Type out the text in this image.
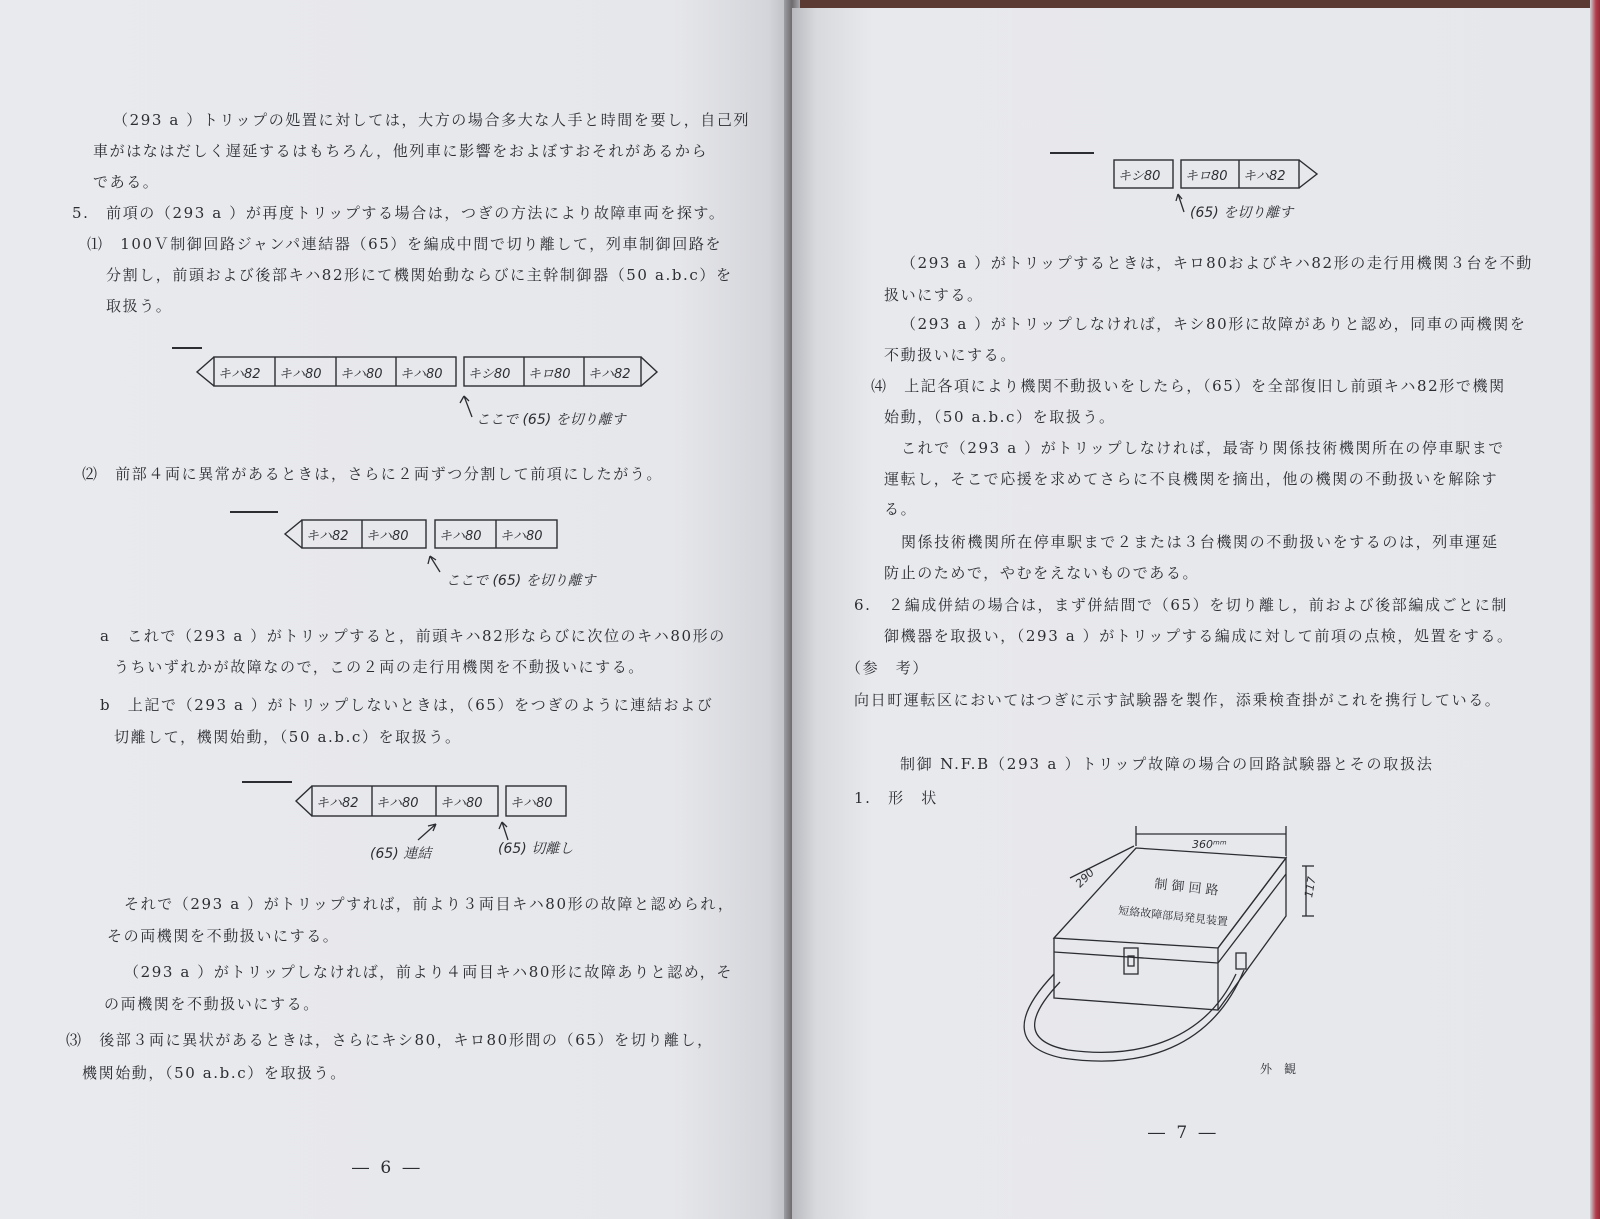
（293 a ）トリップの処置に対しては，大方の場合多大な人手と時間を要し，自己列
車がはなはだしく遅延するはもちろん，他列車に影響をおよぼすおそれがあるから
である。
5.　前項の（293 a ）が再度トリップする場合は，つぎの方法により故障車両を探す。
⑴　100Ｖ制御回路ジャンパ連結器（65）を編成中間で切り離して，列車制御回路を
分割し，前頭および後部キハ82形にて機関始動ならびに主幹制御器（50 a.b.c）を
取扱う。
キハ82 キハ80 キハ80 キハ80 キシ80 キロ80 キハ82
ここで (65) を切り離す
⑵　前部４両に異常があるときは，さらに２両ずつ分割して前項にしたがう。
キハ82 キハ80 キハ80 キハ80
ここで (65) を切り離す
a　これで（293 a ）がトリップすると，前頭キハ82形ならびに次位のキハ80形の
うちいずれかが故障なので，この２両の走行用機関を不動扱いにする。
b　上記で（293 a ）がトリップしないときは，（65）をつぎのように連結および
切離して，機関始動，（50 a.b.c）を取扱う。
キハ82 キハ80 キハ80 キハ80
(65) 連結	(65) 切離し
それで（293 a ）がトリップすれば，前より３両目キハ80形の故障と認められ，
その両機関を不動扱いにする。
（293 a ）がトリップしなければ，前より４両目キハ80形に故障ありと認め，そ
の両機関を不動扱いにする。
⑶　後部３両に異状があるときは，さらにキシ80，キロ80形間の（65）を切り離し，
機関始動，（50 a.b.c）を取扱う。
― 6 ―
キシ80 キロ80 キハ82
(65) を切り離す
（293 a ）がトリップするときは，キロ80およびキハ82形の走行用機関３台を不動
扱いにする。
（293 a ）がトリップしなければ，キシ80形に故障がありと認め，同車の両機関を
不動扱いにする。
⑷　上記各項により機関不動扱いをしたら，（65）を全部復旧し前頭キハ82形で機関
始動，（50 a.b.c）を取扱う。
これで（293 a ）がトリップしなければ，最寄り関係技術機関所在の停車駅まで
運転し，そこで応援を求めてさらに不良機関を摘出，他の機関の不動扱いを解除す
る。
関係技術機関所在停車駅まで２または３台機関の不動扱いをするのは，列車運延
防止のためで，やむをえないものである。
6.　２編成併結の場合は，まず併結間で（65）を切り離し，前および後部編成ごとに制
御機器を取扱い，（293 a ）がトリップする編成に対して前項の点検，処置をする。
（参　考）
向日町運転区においてはつぎに示す試験器を製作，添乗検査掛がこれを携行している。
制御 N.F.B（293 a ）トリップ故障の場合の回路試験器とその取扱法
1.　形　状
360ᵐᵐ
290	117
制 御 回 路
短絡故障部局発見装置
外　観
― 7 ―
